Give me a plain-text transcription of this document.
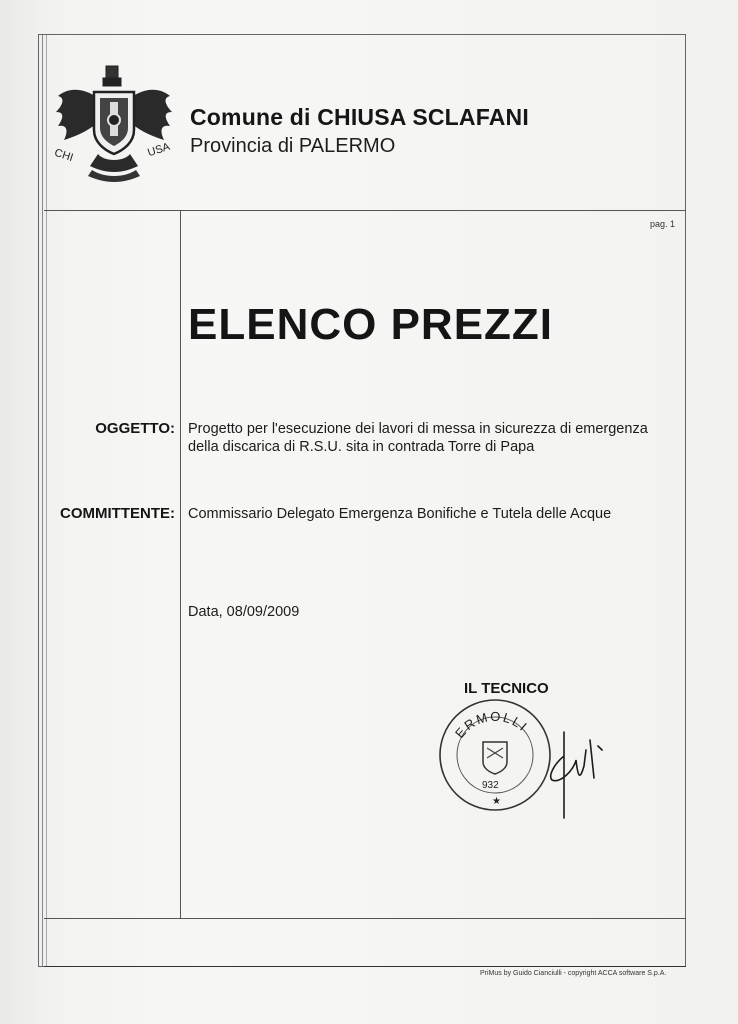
CHI	USA
Comune di CHIUSA SCLAFANI
Provincia di PALERMO
pag. 1
ELENCO PREZZI
OGGETTO: Progetto per l'esecuzione dei lavori di messa in sicurezza di emergenza della discarica di R.S.U. sita in contrada Torre di Papa
COMMITTENTE: Commissario Delegato Emergenza Bonifiche e Tutela delle Acque
Data, 08/09/2009
IL TECNICO
ERMOLLI
932
★
PriMus by Guido Cianciulli - copyright ACCA software S.p.A.
